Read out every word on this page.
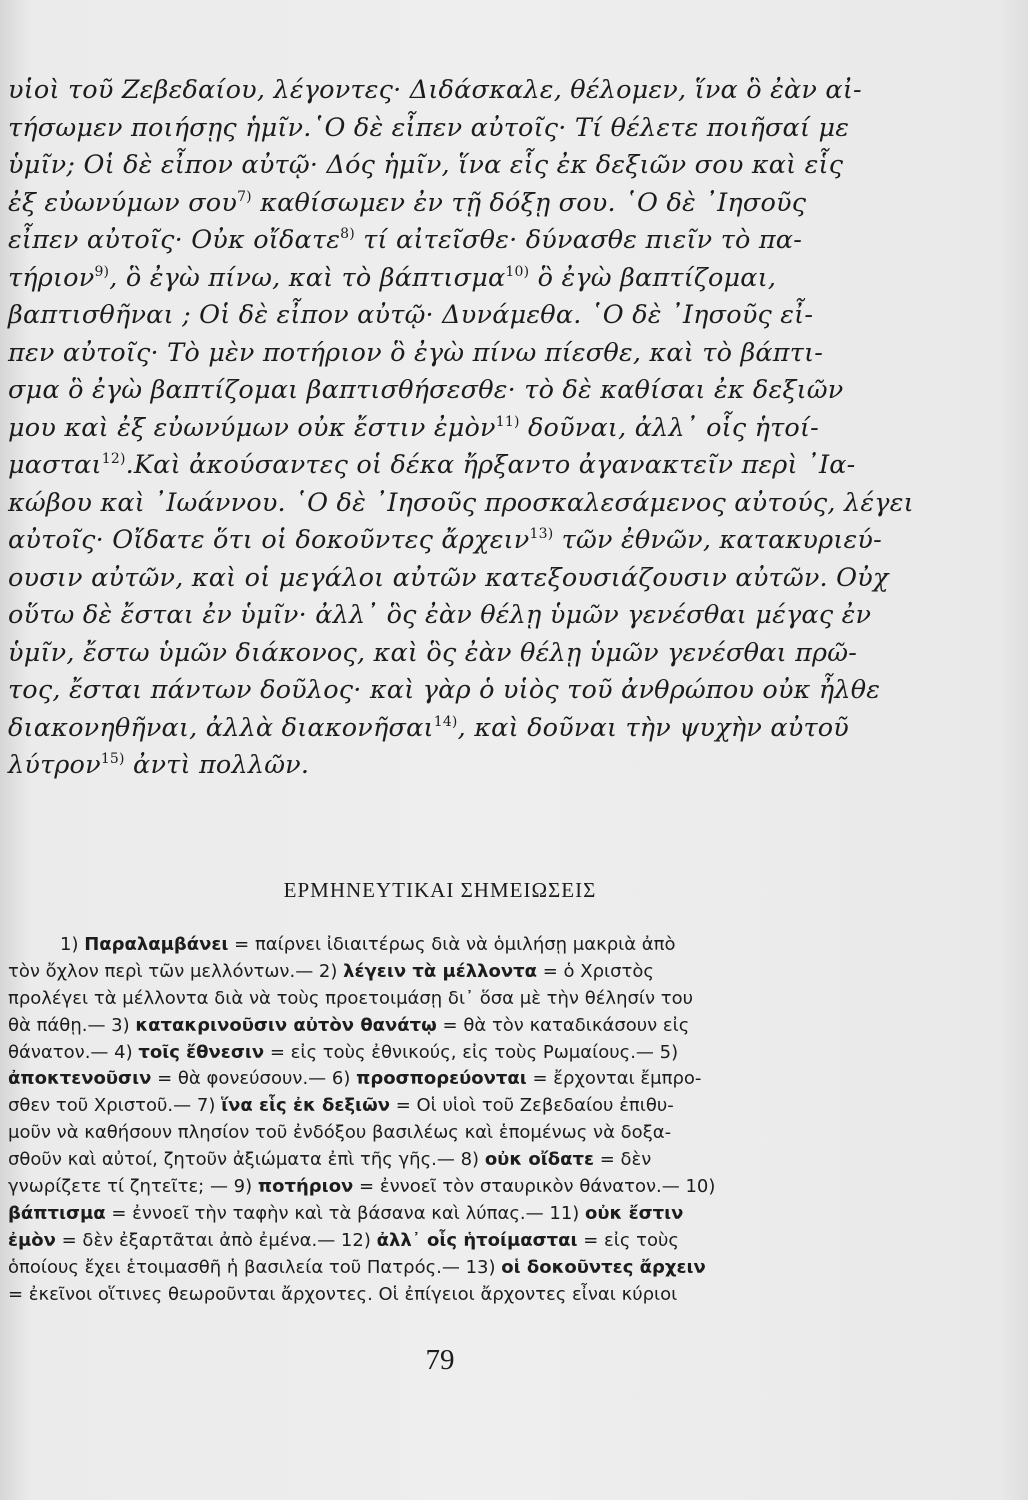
υἱοὶ τοῦ Ζεβεδαίου, λέγοντες· Διδάσκαλε, θέλομεν, ἵνα ὃ ἐὰν αἰ-
τήσωμεν ποιήσῃς ἡμῖν.῾Ο δὲ εἶπεν αὐτοῖς· Τί θέλετε ποιῆσαί με
ὑμῖν; Οἱ δὲ εἶπον αὐτῷ· Δός ἡμῖν, ἵνα εἷς ἐκ δεξιῶν σου καὶ εἷς
ἐξ εὐωνύμων σου$^{7)}$ καθίσωμεν ἐν τῇ δόξῃ σου. ῾Ο δὲ ᾿Ιησοῦς
εἶπεν αὐτοῖς· Οὐκ οἴδατε$^{8)}$ τί αἰτεῖσθε· δύνασθε πιεῖν τὸ πα-
τήριον$^{9)}$, ὃ ἐγὼ πίνω, καὶ τὸ βάπτισμα$^{10)}$ ὃ ἐγὼ βαπτίζομαι,
βαπτισθῆναι ; Οἱ δὲ εἶπον αὐτῷ· Δυνάμεθα. ῾Ο δὲ ᾿Ιησοῦς εἶ-
πεν αὐτοῖς· Τὸ μὲν ποτήριον ὃ ἐγὼ πίνω πίεσθε, καὶ τὸ βάπτι-
σμα ὃ ἐγὼ βαπτίζομαι βαπτισθήσεσθε· τὸ δὲ καθίσαι ἐκ δεξιῶν
μου καὶ ἐξ εὐωνύμων οὐκ ἔστιν ἐμὸν$^{11)}$ δοῦναι, ἀλλ᾿ οἷς ἡτοί-
μασται$^{12)}$.Καὶ ἀκούσαντες οἱ δέκα ἤρξαντο ἀγανακτεῖν περὶ ᾿Ια-
κώβου καὶ ᾿Ιωάννου. ῾Ο δὲ ᾿Ιησοῦς προσκαλεσάμενος αὐτούς, λέγει
αὐτοῖς· Οἴδατε ὅτι οἱ δοκοῦντες ἄρχειν$^{13)}$ τῶν ἐθνῶν, κατακυριεύ-
ουσιν αὐτῶν, καὶ οἱ μεγάλοι αὐτῶν κατεξουσιάζουσιν αὐτῶν. Οὐχ
οὕτω δὲ ἔσται ἐν ὑμῖν· ἀλλ᾿ ὃς ἐὰν θέλῃ ὑμῶν γενέσθαι μέγας ἐν
ὑμῖν, ἔστω ὑμῶν διάκονος, καὶ ὃς ἐὰν θέλῃ ὑμῶν γενέσθαι πρῶ-
τος, ἔσται πάντων δοῦλος· καὶ γὰρ ὁ υἱὸς τοῦ ἀνθρώπου οὐκ ἦλθε
διακονηθῆναι, ἀλλὰ διακονῆσαι$^{14)}$, καὶ δοῦναι τὴν ψυχὴν αὐτοῦ
λύτρον$^{15)}$ ἀντὶ πολλῶν.
ΕΡΜΗΝΕΥΤΙΚΑΙ ΣΗΜΕΙΩΣΕΙΣ
1) Παραλαμβάνει = παίρνει ἰδιαιτέρως διὰ νὰ ὁμιλήσῃ μακριὰ ἀπὸ
τὸν ὄχλον περὶ τῶν μελλόντων.— 2) λέγειν τὰ μέλλοντα = ὁ Χριστὸς
προλέγει τὰ μέλλοντα διὰ νὰ τοὺς προετοιμάσῃ δι᾿ ὅσα μὲ τὴν θέλησίν του
θὰ πάθῃ.— 3) κατακρινοῦσιν αὐτὸν θανάτῳ = θὰ τὸν καταδικάσουν εἰς
θάνατον.— 4) τοῖς ἔθνεσιν = εἰς τοὺς ἐθνικούς, εἰς τοὺς Ρωμαίους.— 5)
ἀποκτενοῦσιν = θὰ φονεύσουν.— 6) προσπορεύονται = ἔρχονται ἔμπρο-
σθεν τοῦ Χριστοῦ.— 7) ἵνα εἷς ἐκ δεξιῶν = Οἱ υἱοὶ τοῦ Ζεβεδαίου ἐπιθυ-
μοῦν νὰ καθήσουν πλησίον τοῦ ἐνδόξου βασιλέως καὶ ἑπομένως νὰ δοξα-
σθοῦν καὶ αὐτοί, ζητοῦν ἀξιώματα ἐπὶ τῆς γῆς.— 8) οὐκ οἴδατε = δὲν
γνωρίζετε τί ζητεῖτε; — 9) ποτήριον = ἐννοεῖ τὸν σταυρικὸν θάνατον.— 10)
βάπτισμα = ἐννοεῖ τὴν ταφὴν καὶ τὰ βάσανα καὶ λύπας.— 11) οὐκ ἔστιν
ἐμὸν = δὲν ἐξαρτᾶται ἀπὸ ἐμένα.— 12) ἀλλ᾿ οἷς ἡτοίμασται = εἰς τοὺς
ὁποίους ἔχει ἑτοιμασθῆ ἡ βασιλεία τοῦ Πατρός.— 13) οἱ δοκοῦντες ἄρχειν
= ἐκεῖνοι οἵτινες θεωροῦνται ἄρχοντες. Οἱ ἐπίγειοι ἄρχοντες εἶναι κύριοι
79
